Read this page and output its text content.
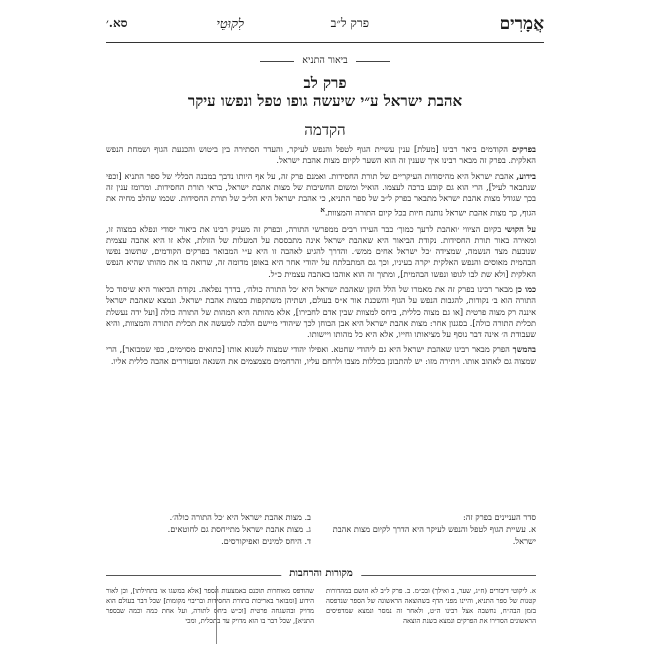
אֲמָרִים
פרק ל״ב
לִקוּטֵי
סא.׳
ביאור התניא
פרק לב
אהבת ישראל ע״י שיעשה גופו טפל ונפשו עיקר
הקדמה

בפרקים הקודמים ביאר רבינו [מעלת] ענין עשיית הגוף לטפל והנפש לעיקר, והעדר הסתירה בין ביטוש והכנעת הגוף ושמחת הנפש האלקית. בפרק זה מבאר רבינו איך שענין זה הוא השער לקיום מצות אהבת ישראל.

בידוע, אהבת ישראל היא מהיסודות העיקריים של תורת החסידות. ואמנם פרק זה, על אף היותו נדבך במבנה הכללי של ספר התניא [וכפי שנתבאר לעיל], הרי הוא גם קובע ברכה לעצמו. הואיל ומשום החשיבות של מצות אהבת ישראל, בראי תורת החסידות. ומרומז ענין זה בכך שגודל מצות אהבת ישראל מתבאר בפרק ל״ב של ספר התניא, כי אהבת ישראל היא הל״ב של תורת החסידות. שכמו שהלב מחיה את הגוף, כך מצות אהבת ישראל נותנת חיות בכל קיום התורה והמצוות.$^א$

על הקושי בקיום הציווי ׳ואהבת לרעך כמוך׳ כבר העירו רבים ממפרשי התורה, ובפרק זה מעניק רבינו את ביאור יסודי ונפלא במצוה זו, ומאירה באור תורת החסידות. נקודת הביאור היא שאהבת ישראל אינה מתבססת על המעלות של הזולת, אלא זו היא אהבה עצמית שנובעת מצד הנשמה, שמצידה ׳כל ישראל אחים ממש׳. והדרך להגיע לאהבה זו היא ע״י המבואר בפרקים הקודמים, שתשוב נפשו הבהמית מאוסים והנפש האלקית יקרה בעיניו, וכך גם המתבלתח על יהודי אחר היא באופן מדומה זה, שרואה בו את מהותו שהיא הנפש האלקית [ולא שת לבו לגופו ונפשו הבהמית], ומתוך זה הוא אוהבו באהבה עצמית כ״ל.

כמו כן מבאר רבינו בפרק זה את מאמרו של הלל הזקן שאהבת ישראל היא ׳כל התורה כולה׳, בדרך נפלאה. נקודת הביאור היא שיסוד כל התורה הוא ב׳ נקודות, להגבות הנפש על הגוף והשכנת אור א״ס בעולם, ושתיהן משתקפות במצות אהבת ישראל. ונמצא שאהבת ישראל איננה רק מצוה פרטית [או גם מצוה כללית, ביחס למצוות שבין אדם לחבירו], אלא מהותה היא המהות של התורה כולה [ועל ידה נעשלת תכלית התורה כולה]. בסגנון אחר: מצות אהבת ישראל היא אבן הבוחן לכך שיהודי מיישם הלכה למעשה את תכלית התורה והמצוות, והיא שעבודת ה׳ אינה דבר נוסף על מציאותו וחייו, אלא היא כל מהותו ויישותו.

בהמשך הפרק מבאר רבינו שאהבת ישראל היא גם ליהודי שחטא. ואפילו יהודי שמצוה לשנוא אותו [כתואים מסוימים, כפי שמבואר], הרי שמצוה גם לאהוב אותו. ויתירה מזו: יש להתבונן בכללות מצבו ולרחם עליו, והרחמים מצמצמים את השנאה ומעוררים אהבה כללית אליו.

סדר העניינים בפרק זה:
א. עשיית הגוף לטפל והנפש לעיקר היא הדרך לקיום מצות אהבת ישראל.
ב. מצות אהבת ישראל היא ׳כל התורה כולה׳.
ג. מצות אהבת ישראל מתייחסת גם לחוטאים.
ד. היחס למינים ואפיקורסים.
מקורות והרחבות
א. ליקוטי דיבורים (ח״ג, שער, ב ואילך) ובכ״מ. ב. פרק ל״ב לא הושם במהדורות קטנות של ספר התניא, והיינו מפני הדף בשהוצאה הראשונה של הספר שנדפסה בזמן הבה״ח, נחשבה אצל רבינו ה״ט, ולאחר זה נמסר ונמצא שמדפיסים הראשונים הסדירו את הפרקים ונמצא בשנת הוצאה
שהודפס מאוחרות תוכנם באמצעות הספר [אלא במשגו או בתחילתו], וכן לאור הידוע [ומבואר באריכות בתורת החסידות ובריבוי מקומות] שכל דבר בעולם הוא מדויק ובהשגחה פרטית [וכ״ש ביחס לתורה, ועל אחת כמה וכמה שבספר התניא], שכל דבר בו הוא מדויק עד בתכלית, ומכי
